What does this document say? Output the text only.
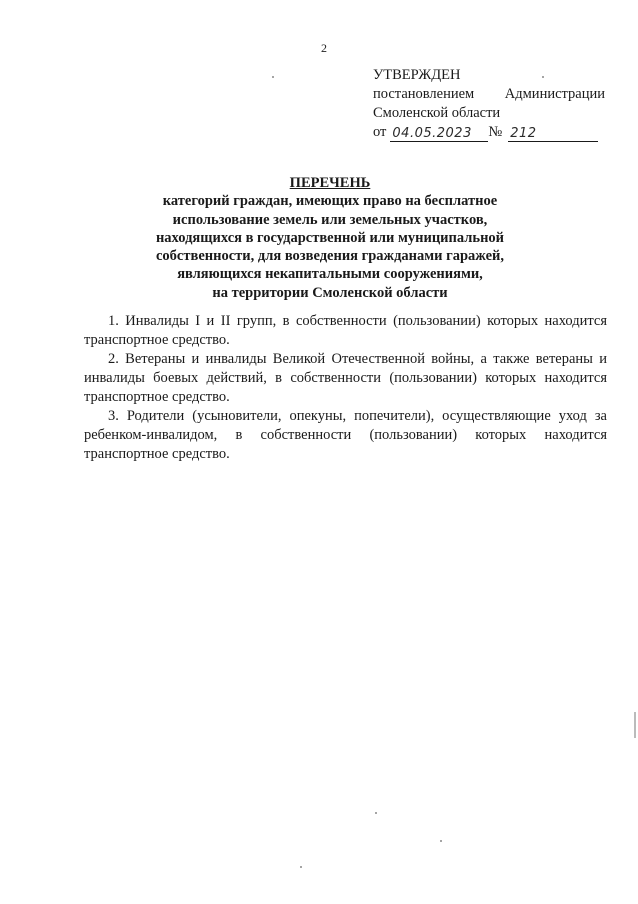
2
УТВЕРЖДЕН
постановлением Администрации
Смоленской области
от 04.05.2023	№ 212
ПЕРЕЧЕНЬ
категорий граждан, имеющих право на бесплатное
использование земель или земельных участков,
находящихся в государственной или муниципальной
собственности, для возведения гражданами гаражей,
являющихся некапитальными сооружениями,
на территории Смоленской области

1. Инвалиды I и II групп, в собственности (пользовании) которых находится транспортное средство.

2. Ветераны и инвалиды Великой Отечественной войны, а также ветераны и инвалиды боевых действий, в собственности (пользовании) которых находится транспортное средство.

3. Родители (усыновители, опекуны, попечители), осуществляющие уход за ребенком-инвалидом, в собственности (пользовании) которых находится транспортное средство.
